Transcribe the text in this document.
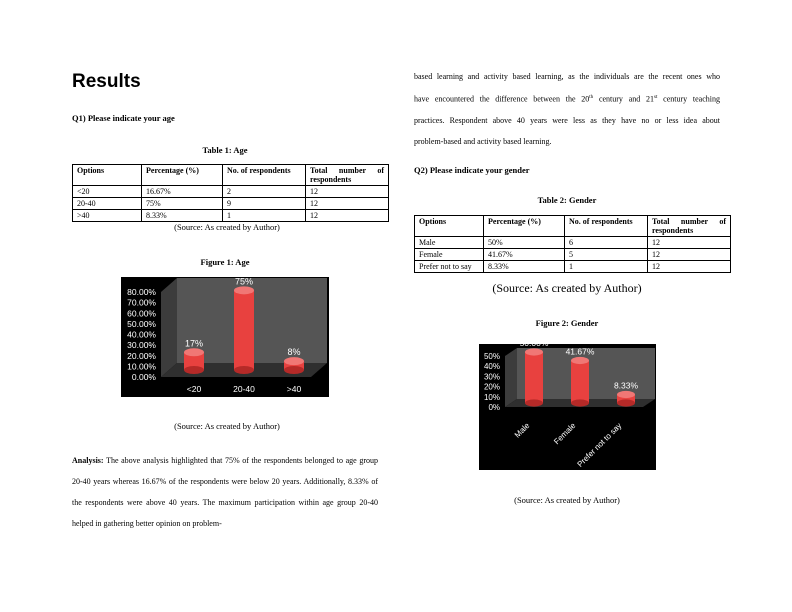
Results
Q1) Please indicate your age
Table 1: Age
Options	Percentage (%)	No. of respondents	Total number of respondents
<20	16.67%	2	12
20-40	75%	9	12
>40	8.33%	1	12
(Source: As created by Author)
Figure 1: Age
80.00%
70.00%
60.00%
50.00%
40.00%
30.00%
20.00%
10.00%
0.00%
17%
<20
75%
20-40
8%
>40
(Source: As created by Author)
Analysis: The above analysis highlighted that 75% of the respondents belonged to age group 20-40 years whereas 16.67% of the respondents were below 20 years. Additionally, 8.33% of the respondents were above 40 years. The maximum participation within age group 20-40 helped in gathering better opinion on problem-
based learning and activity based learning, as the individuals are the recent ones who
have encountered the difference between the 20th century and 21st century teaching
practices. Respondent above 40 years were less as they have no or less idea about
problem-based and activity based learning.
Q2) Please indicate your gender
Table 2: Gender
Options	Percentage (%)	No. of respondents	Total number of respondents
Male	50%	6	12
Female	41.67%	5	12
Prefer not to say	8.33%	1	12
(Source: As created by Author)
Figure 2: Gender
50%
40%
30%
20%
10%
0%
50.00%
Male
41.67%
Female
8.33%
Prefer not to say
(Source: As created by Author)
